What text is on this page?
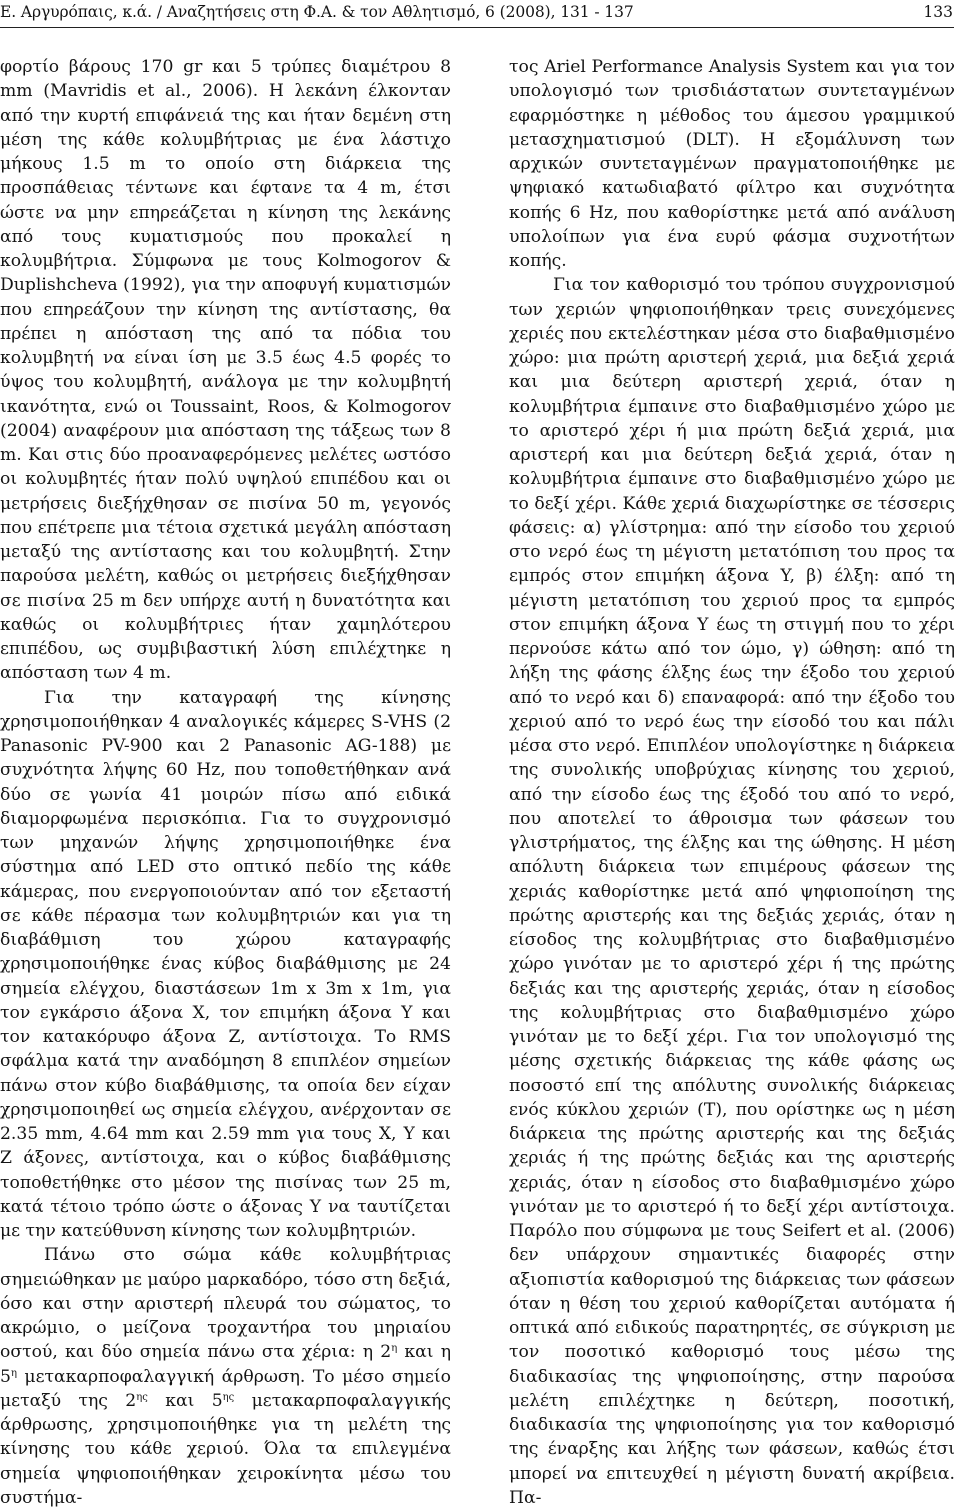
Ε. Αργυρόπαις, κ.ά. / Αναζητήσεις στη Φ.Α. & τον Αθλητισμό, 6 (2008), 131 - 137	133

φορτίο βάρους 170 gr και 5 τρύπες διαμέτρου 8 mm (Mavridis et al., 2006). Η λεκάνη έλκονταν από την κυρτή επιφάνειά της και ήταν δεμένη στη μέση της κάθε κολυμβήτριας με ένα λάστιχο μήκους 1.5 m το οποίο στη διάρκεια της προσπάθειας τέντωνε και έφτανε τα 4 m, έτσι ώστε να μην επηρεάζεται η κίνηση της λεκάνης από τους κυματισμούς που προκαλεί η κολυμβήτρια. Σύμφωνα με τους Kolmogorov & Duplishcheva (1992), για την αποφυγή κυματισμών που επηρεάζουν την κίνηση της αντίστασης, θα πρέπει η απόσταση της από τα πόδια του κολυμβητή να είναι ίση με 3.5 έως 4.5 φορές το ύψος του κολυμβητή, ανάλογα με την κολυμβητή ικανότητα, ενώ οι Toussaint, Roos, & Kolmogorov (2004) αναφέρουν μια απόσταση της τάξεως των 8 m. Και στις δύο προαναφερόμενες μελέτες ωστόσο οι κολυμβητές ήταν πολύ υψηλού επιπέδου και οι μετρήσεις διεξήχθησαν σε πισίνα 50 m, γεγονός που επέτρεπε μια τέτοια σχετικά μεγάλη απόσταση μεταξύ της αντίστασης και του κολυμβητή. Στην παρούσα μελέτη, καθώς οι μετρήσεις διεξήχθησαν σε πισίνα 25 m δεν υπήρχε αυτή η δυνατότητα και καθώς οι κολυμβήτριες ήταν χαμηλότερου επιπέδου, ως συμβιβαστική λύση επιλέχτηκε η απόσταση των 4 m.

Για την καταγραφή της κίνησης χρησιμοποιήθηκαν 4 αναλογικές κάμερες S-VHS (2 Panasonic PV-900 και 2 Panasonic AG-188) με συχνότητα λήψης 60 Hz, που τοποθετήθηκαν ανά δύο σε γωνία 41 μοιρών πίσω από ειδικά διαμορφωμένα περισκόπια. Για το συγχρονισμό των μηχανών λήψης χρησιμοποιήθηκε ένα σύστημα από LED στο οπτικό πεδίο της κάθε κάμερας, που ενεργοποιούνταν από τον εξεταστή σε κάθε πέρασμα των κολυμβητριών και για τη διαβάθμιση του χώρου καταγραφής χρησιμοποιήθηκε ένας κύβος διαβάθμισης με 24 σημεία ελέγχου, διαστάσεων 1m x 3m x 1m, για τον εγκάρσιο άξονα X, τον επιμήκη άξονα Y και τον κατακόρυφο άξονα Z, αντίστοιχα. Το RMS σφάλμα κατά την αναδόμηση 8 επιπλέον σημείων πάνω στον κύβο διαβάθμισης, τα οποία δεν είχαν χρησιμοποιηθεί ως σημεία ελέγχου, ανέρχονταν σε 2.35 mm, 4.64 mm και 2.59 mm για τους X, Y και Z άξονες, αντίστοιχα, και ο κύβος διαβάθμισης τοποθετήθηκε στο μέσον της πισίνας των 25 m, κατά τέτοιο τρόπο ώστε ο άξονας Y να ταυτίζεται με την κατεύθυνση κίνησης των κολυμβητριών.

Πάνω στο σώμα κάθε κολυμβήτριας σημειώθηκαν με μαύρο μαρκαδόρο, τόσο στη δεξιά, όσο και στην αριστερή πλευρά του σώματος, το ακρώμιο, ο μείζονα τροχαντήρα του μηριαίου οστού, και δύο σημεία πάνω στα χέρια: η $2^\eta$ και η $5^\eta$ μετακαρποφαλαγγική άρθρωση. Το μέσο σημείο μεταξύ της $2^{\eta\varsigma}$ και $5^{\eta\varsigma}$ μετακαρποφαλαγγικής άρθρωσης, χρησιμοποιήθηκε για τη μελέτη της κίνησης του κάθε χεριού. Όλα τα επιλεγμένα σημεία ψηφιοποιήθηκαν χειροκίνητα μέσω του συστήμα-

τος Ariel Performance Analysis System και για τον υπολογισμό των τρισδιάστατων συντεταγμένων εφαρμόστηκε η μέθοδος του άμεσου γραμμικού μετασχηματισμού (DLT). Η εξομάλυνση των αρχικών συντεταγμένων πραγματοποιήθηκε με ψηφιακό κατωδιαβατό φίλτρο και συχνότητα κοπής 6 Hz, που καθορίστηκε μετά από ανάλυση υπολοίπων για ένα ευρύ φάσμα συχνοτήτων κοπής.

Για τον καθορισμό του τρόπου συγχρονισμού των χεριών ψηφιοποιήθηκαν τρεις συνεχόμενες χεριές που εκτελέστηκαν μέσα στο διαβαθμισμένο χώρο: μια πρώτη αριστερή χεριά, μια δεξιά χεριά και μια δεύτερη αριστερή χεριά, όταν η κολυμβήτρια έμπαινε στο διαβαθμισμένο χώρο με το αριστερό χέρι ή μια πρώτη δεξιά χεριά, μια αριστερή και μια δεύτερη δεξιά χεριά, όταν η κολυμβήτρια έμπαινε στο διαβαθμισμένο χώρο με το δεξί χέρι. Κάθε χεριά διαχωρίστηκε σε τέσσερις φάσεις: α) γλίστρημα: από την είσοδο του χεριού στο νερό έως τη μέγιστη μετατόπιση του προς τα εμπρός στον επιμήκη άξονα Y, β) έλξη: από τη μέγιστη μετατόπιση του χεριού προς τα εμπρός στον επιμήκη άξονα Y έως τη στιγμή που το χέρι περνούσε κάτω από τον ώμο, γ) ώθηση: από τη λήξη της φάσης έλξης έως την έξοδο του χεριού από το νερό και δ) επαναφορά: από την έξοδο του χεριού από το νερό έως την είσοδό του και πάλι μέσα στο νερό. Επιπλέον υπολογίστηκε η διάρκεια της συνολικής υποβρύχιας κίνησης του χεριού, από την είσοδο έως της έξοδό του από το νερό, που αποτελεί το άθροισμα των φάσεων του γλιστρήματος, της έλξης και της ώθησης. Η μέση απόλυτη διάρκεια των επιμέρους φάσεων της χεριάς καθορίστηκε μετά από ψηφιοποίηση της πρώτης αριστερής και της δεξιάς χεριάς, όταν η είσοδος της κολυμβήτριας στο διαβαθμισμένο χώρο γινόταν με το αριστερό χέρι ή της πρώτης δεξιάς και της αριστερής χεριάς, όταν η είσοδος της κολυμβήτριας στο διαβαθμισμένο χώρο γινόταν με το δεξί χέρι. Για τον υπολογισμό της μέσης σχετικής διάρκειας της κάθε φάσης ως ποσοστό επί της απόλυτης συνολικής διάρκειας ενός κύκλου χεριών (T), που ορίστηκε ως η μέση διάρκεια της πρώτης αριστερής και της δεξιάς χεριάς ή της πρώτης δεξιάς και της αριστερής χεριάς, όταν η είσοδος στο διαβαθμισμένο χώρο γινόταν με το αριστερό ή το δεξί χέρι αντίστοιχα. Παρόλο που σύμφωνα με τους Seifert et al. (2006) δεν υπάρχουν σημαντικές διαφορές στην αξιοπιστία καθορισμού της διάρκειας των φάσεων όταν η θέση του χεριού καθορίζεται αυτόματα ή οπτικά από ειδικούς παρατηρητές, σε σύγκριση με τον ποσοτικό καθορισμό τους μέσω της διαδικασίας της ψηφιοποίησης, στην παρούσα μελέτη επιλέχτηκε η δεύτερη, ποσοτική, διαδικασία της ψηφιοποίησης για τον καθορισμό της έναρξης και λήξης των φάσεων, καθώς έτσι μπορεί να επιτευχθεί η μέγιστη δυνατή ακρίβεια. Πα-
